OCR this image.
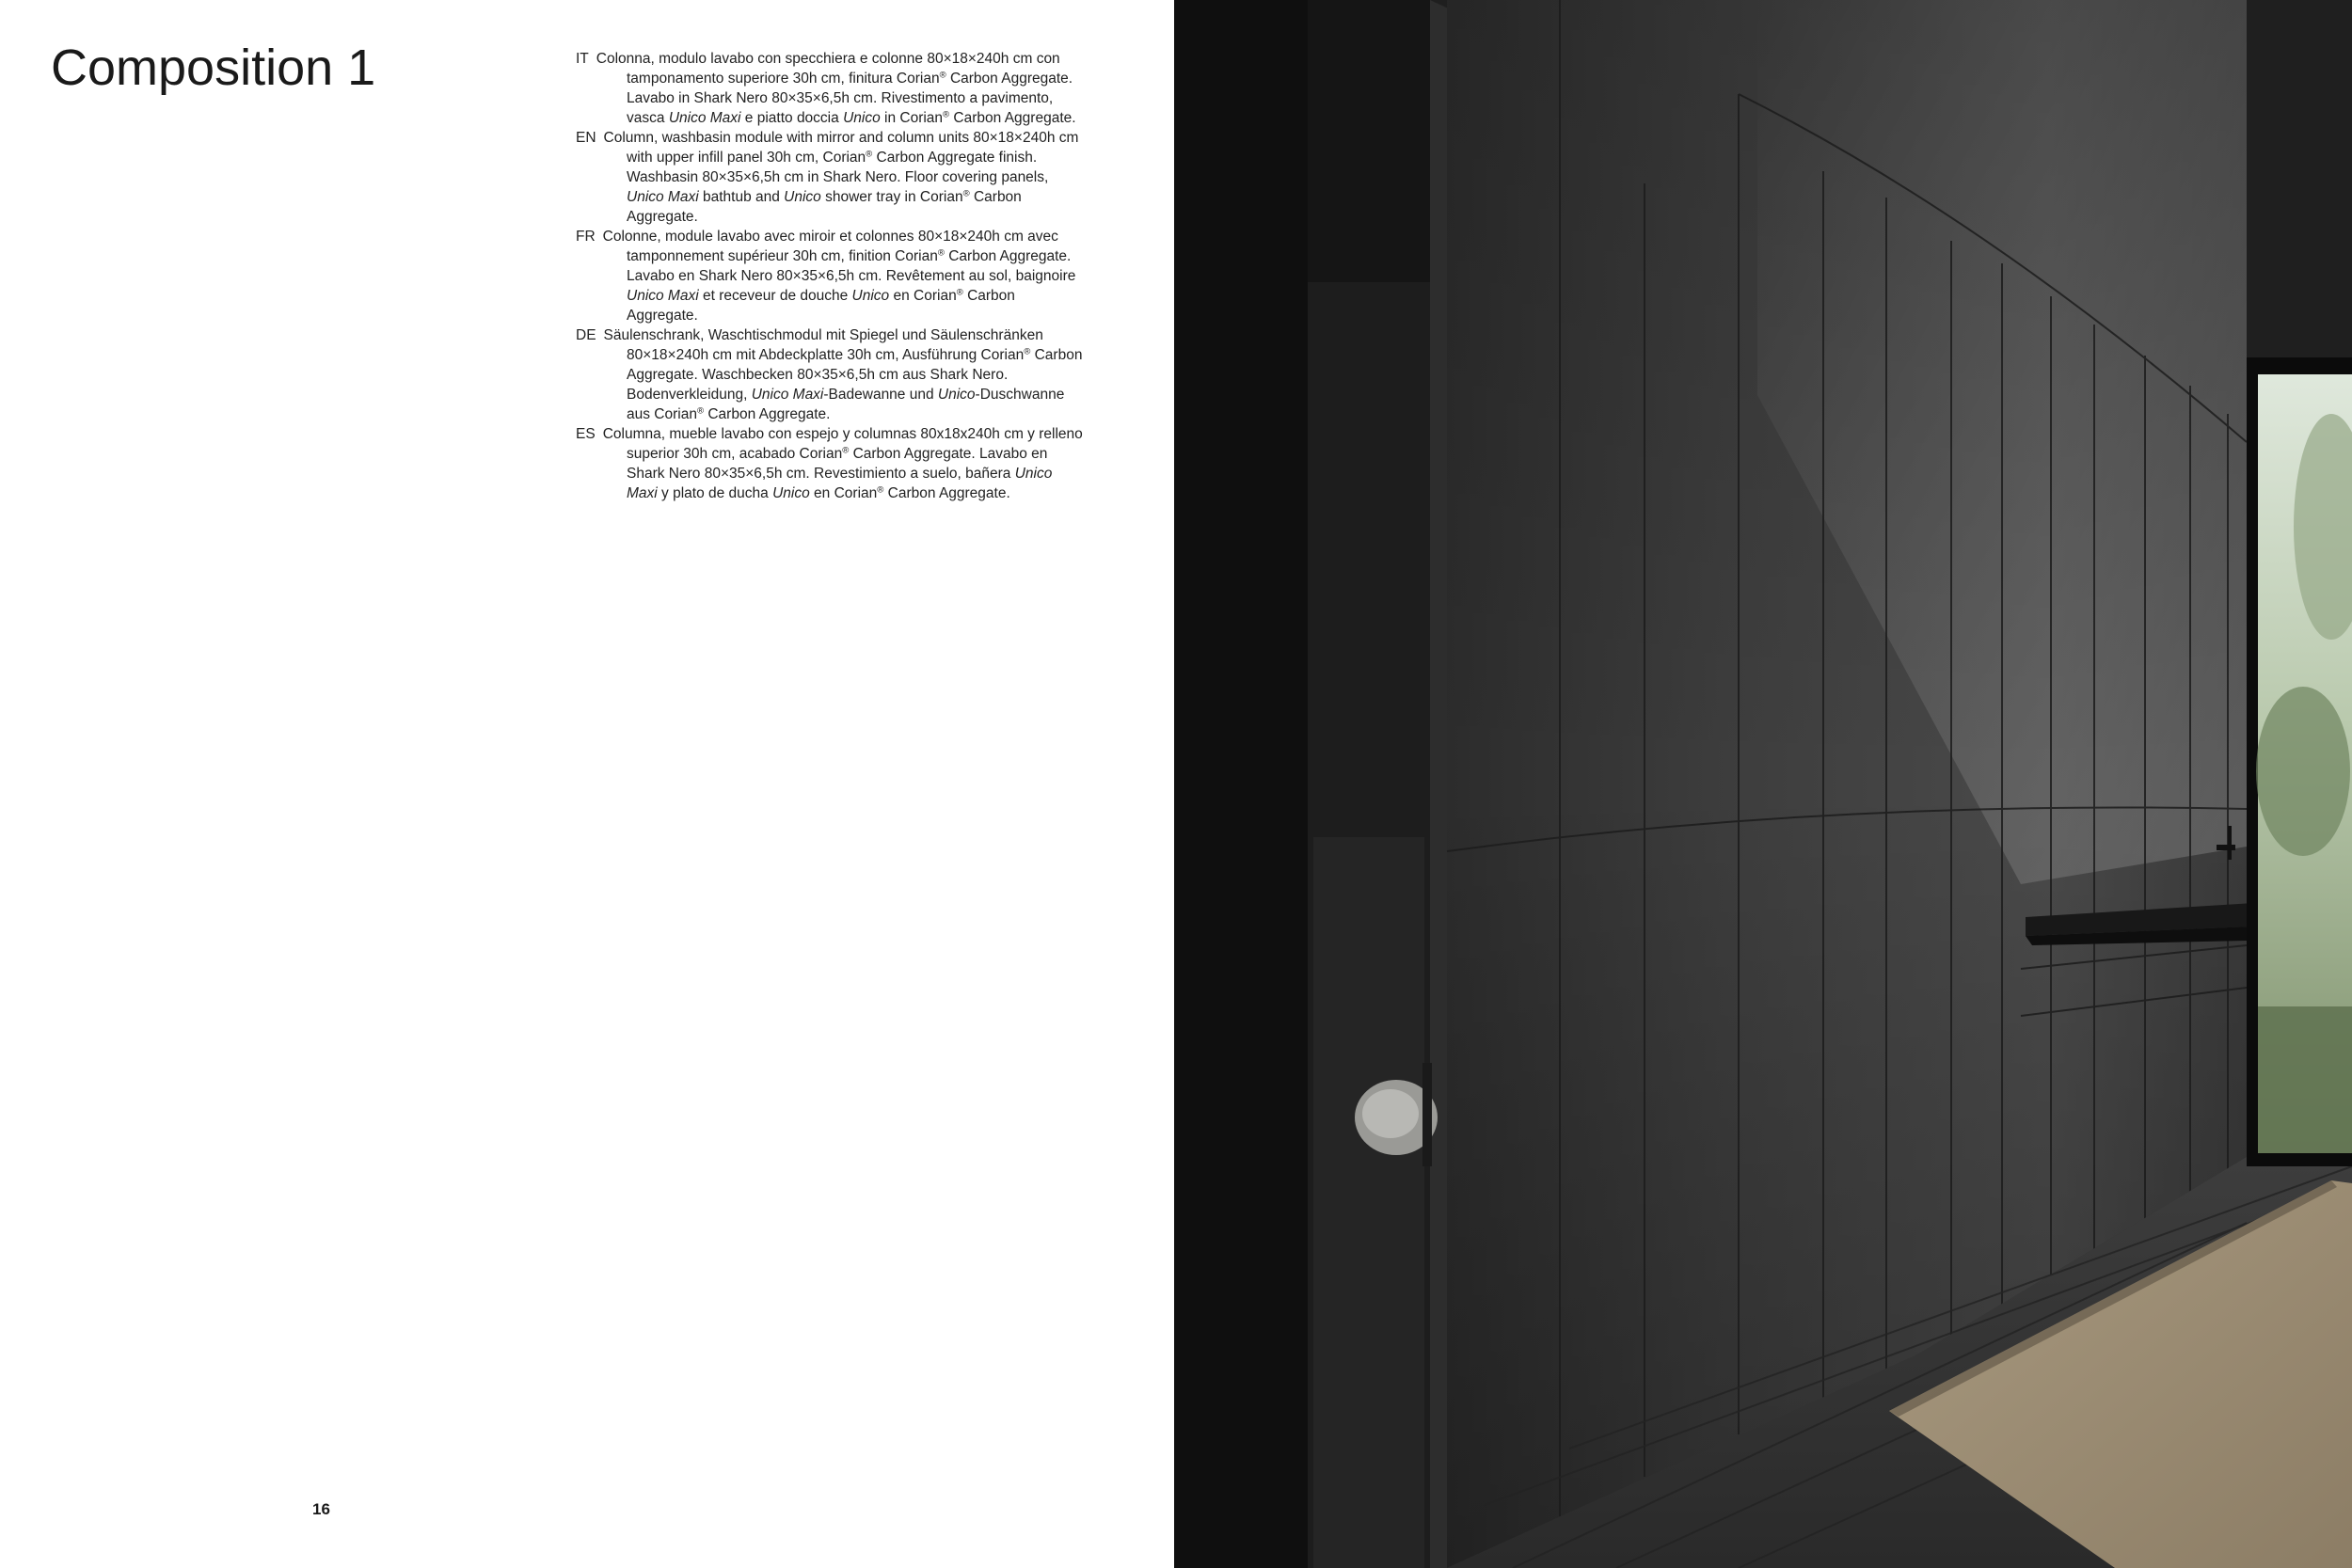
Composition 1	IT Colonna, modulo lavabo con specchiera e colonne 80×18×240h cm con tamponamento superiore 30h cm, finitura Corian® Carbon Aggregate. Lavabo in Shark Nero 80×35×6,5h cm. Rivestimento a pavimento, vasca Unico Maxi e piatto doccia Unico in Corian® Carbon Aggregate.

EN Column, washbasin module with mirror and column units 80×18×240h cm with upper infill panel 30h cm, Corian® Carbon Aggregate finish. Washbasin 80×35×6,5h cm in Shark Nero. Floor covering panels, Unico Maxi bathtub and Unico shower tray in Corian® Carbon Aggregate.

FR Colonne, module lavabo avec miroir et colonnes 80×18×240h cm avec tamponnement supérieur 30h cm, finition Corian® Carbon Aggregate. Lavabo en Shark Nero 80×35×6,5h cm. Revêtement au sol, baignoire Unico Maxi et receveur de douche Unico en Corian® Carbon Aggregate.

DE Säulenschrank, Waschtischmodul mit Spiegel und Säulenschränken 80×18×240h cm mit Abdeckplatte 30h cm, Ausführung Corian® Carbon Aggregate. Waschbecken 80×35×6,5h cm aus Shark Nero. Bodenverkleidung, Unico Maxi-Badewanne und Unico-Duschwanne aus Corian® Carbon Aggregate.

ES Columna, mueble lavabo con espejo y columnas 80x18x240h cm y relleno superior 30h cm, acabado Corian® Carbon Aggregate. Lavabo en Shark Nero 80×35×6,5h cm. Revestimiento a suelo, bañera Unico Maxi y plato de ducha Unico en Corian® Carbon Aggregate.

16
